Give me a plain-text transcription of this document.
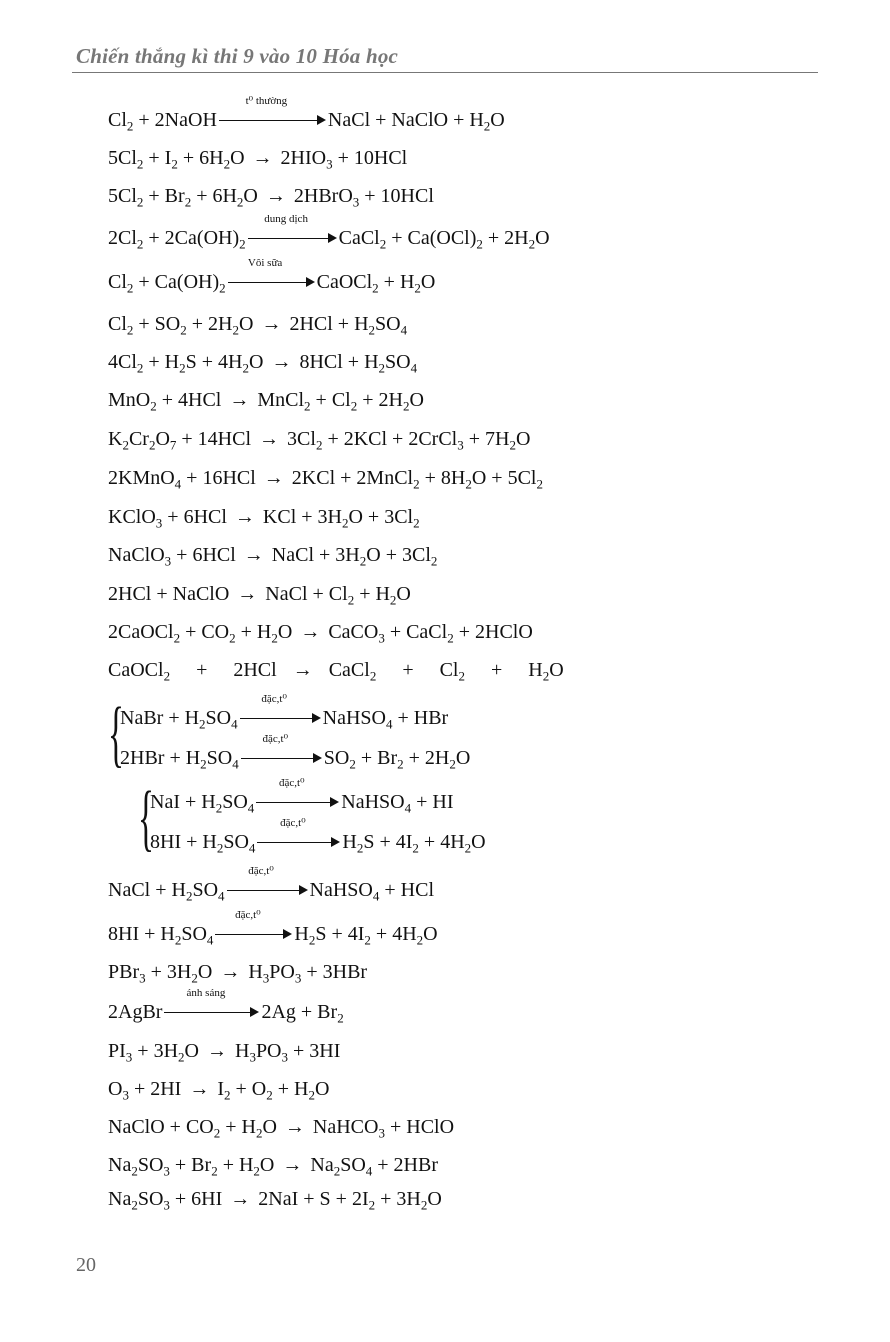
Chiến thắng kì thi 9 vào 10 Hóa học
$Cl_2$ + 2NaOH
t⁰ thường
NaCl + NaClO + $H_2O$
$5Cl_2 + I_2 + 6H_2O \to 2HIO_3 + 10HCl$
$5Cl_2 + Br_2 + 6H_2O$ → 2HBrO$_3$ + 10HCl
$2Cl_2 + 2Ca(OH)_2$
dung dịch
CaCl$_2$ + $Ca(OCl)_2 + 2H_2O$
$Cl_2 + Ca(OH)_2$
Vôi sữa
CaOCl$_2$ + $H_2O$
$Cl_2 + SO_2 + 2H_2O \to 2HCl + H_2SO_4$
$4Cl_2 + H_2S + 4H_2O \to 8HCl + H_2SO_4$
MnO$_2$ + 4HCl → MnCl$_2$ + $Cl_2 + 2H_2O$
$K_2Cr_2O_7 + 14HCl \to 3Cl_2 + 2KCl$ + 2CrCl$_3$ + $7H_2O$
2KMnO$_4$ + 16HCl → 2KCl + 2MnCl$_2$ + $8H_2O + 5Cl_2$
KClO$_3$ + 6HCl → KCl + $3H_2O + 3Cl_2$
NaClO$_3$ + 6HCl → NaCl + $3H_2O + 3Cl_2$
2HCl + NaClO → NaCl + $Cl_2 + H_2O$
2CaOCl$_2$ + $CO_2 + H_2O$ → CaCO$_3$ + CaCl$_2$ + 2HClO
CaOCl$_2$  +  2HCl → CaCl$_2$  +  $Cl_2 + H_2O$
{
NaBr + $H_2SO_4$
đặc,t⁰
NaHSO$_4$ + HBr
$2HBr + H_2SO_4$
đặc,t⁰
$SO_2 + Br_2 + 2H_2O$
{
NaI + $H_2SO_4$
đặc,t⁰
NaHSO$_4$ + HI
$8HI + H_2SO_4$
đặc,t⁰
$H_2S + 4I_2 + 4H_2O$
NaCl + $H_2SO_4$
đặc,t⁰
NaHSO$_4$ + HCl
$8HI + H_2SO_4$
đặc,t⁰
$H_2S + 4I_2 + 4H_2O$
$PBr_3 + 3H_2O \to H_3PO_3 + 3HBr$
2AgBr
ánh sáng
$2Ag + Br_2$
$PI_3 + 3H_2O \to H_3PO_3 + 3HI$
$O_3 + 2HI \to I_2 + O_2 + H_2O$
NaClO + $CO_2 + H_2O$ → NaHCO$_3$ + HClO
$Na_2SO_3 + Br_2 + H_2O \to Na_2SO_4 + 2HBr$
$Na_2SO_3 + 6HI \to 2NaI + S + 2I_2 + 3H_2O$
20
